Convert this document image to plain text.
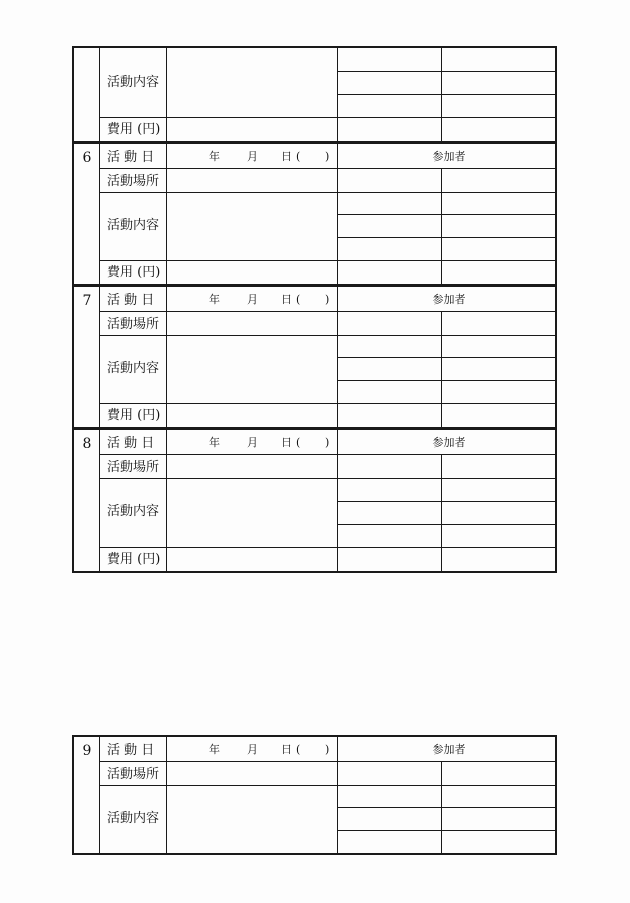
活動内容
費用 (円)
6	活 動 日	年 月 日 ( )	参加者
活動場所
活動内容
費用 (円)
7	活 動 日	年 月 日 ( )	参加者
活動場所
活動内容
費用 (円)
8	活 動 日	年 月 日 ( )	参加者
活動場所
活動内容
費用 (円)
9	活 動 日	年 月 日 ( )	参加者
活動場所
活動内容
